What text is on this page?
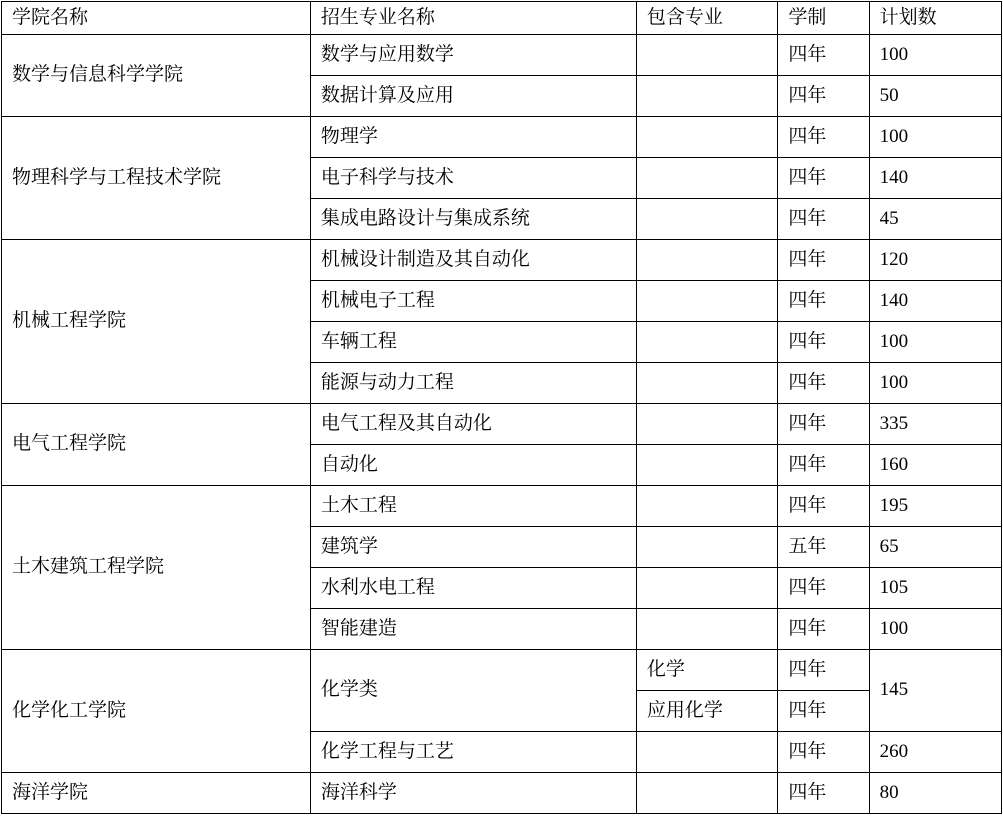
学院名称	招生专业名称	包含专业	学制	计划数
数学与信息科学学院	数学与应用数学		四年	100
	数据计算及应用		四年	50
物理科学与工程技术学院	物理学		四年	100
	电子科学与技术		四年	140
	集成电路设计与集成系统		四年	45
机械工程学院	机械设计制造及其自动化		四年	120
	机械电子工程		四年	140
	车辆工程		四年	100
	能源与动力工程		四年	100
电气工程学院	电气工程及其自动化		四年	335
	自动化		四年	160
土木建筑工程学院	土木工程		四年	195
	建筑学		五年	65
	水利水电工程		四年	105
	智能建造		四年	100
化学化工学院	化学类	化学	四年	145
		应用化学	四年	
	化学工程与工艺		四年	260
海洋学院	海洋科学		四年	80
